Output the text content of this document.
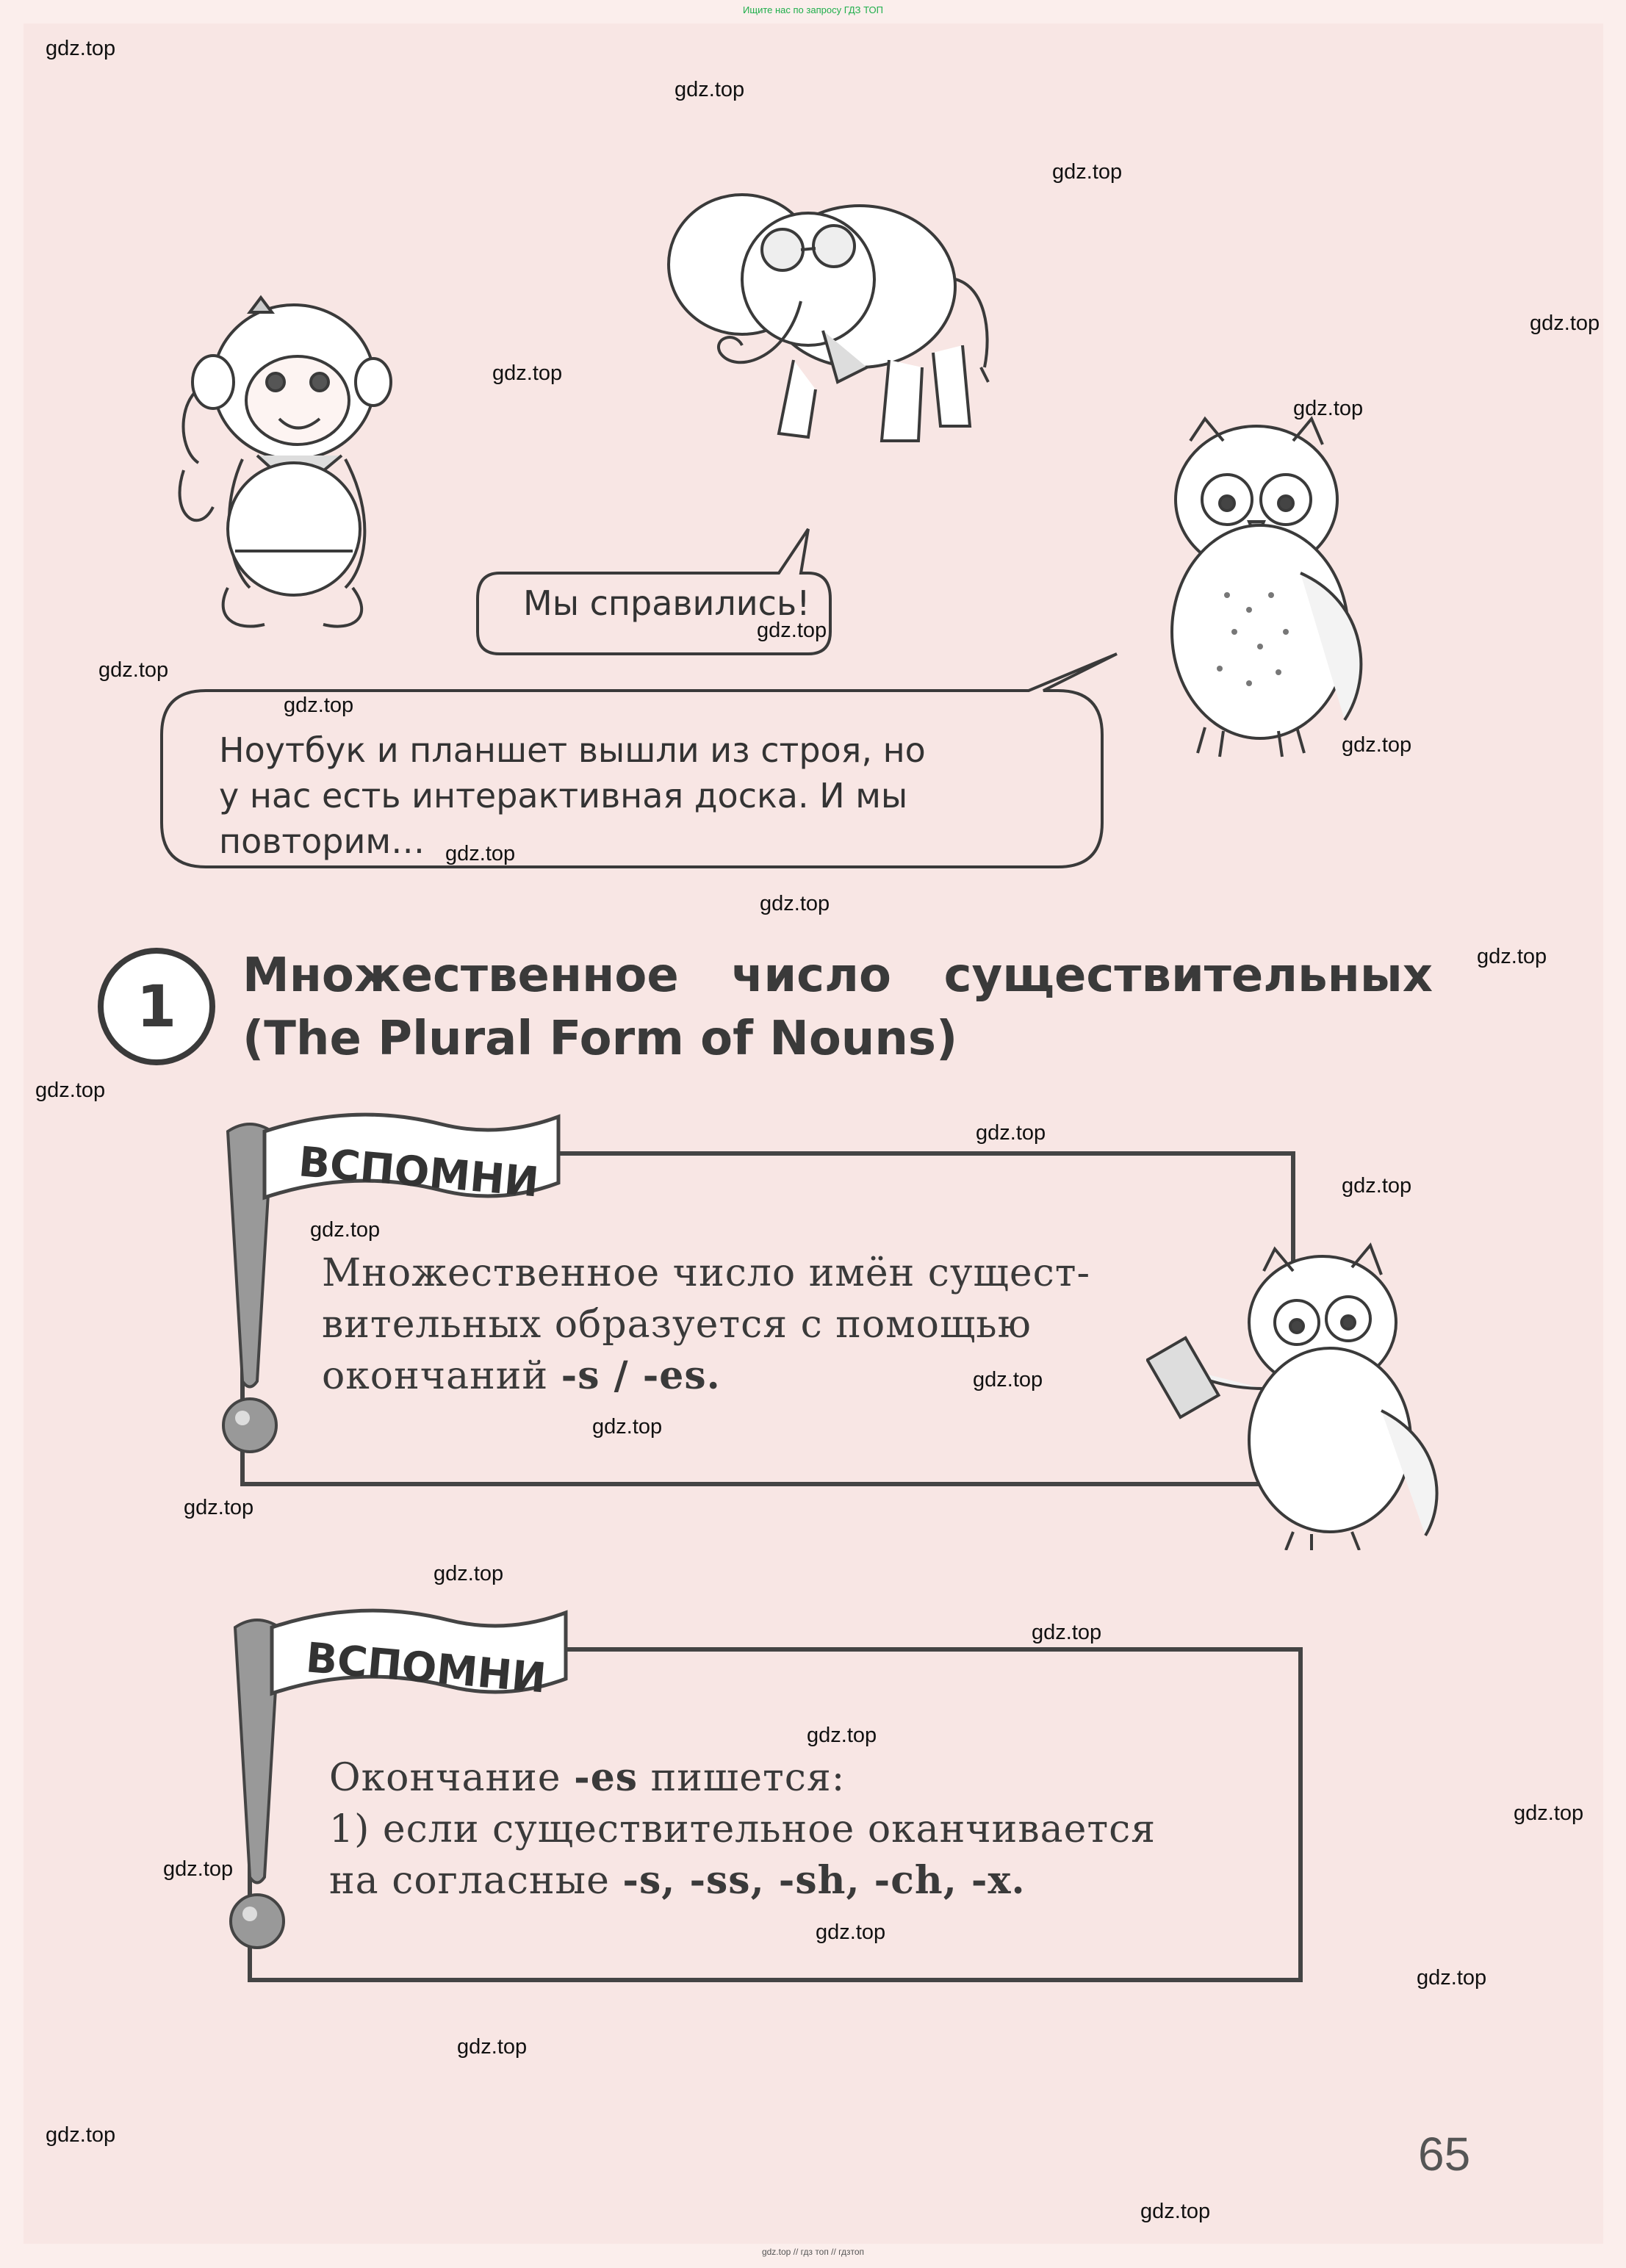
Ищите нас по запросу ГДЗ ТОП
Мы справились!
Ноутбук и планшет вышли из строя, но
у нас есть интерактивная доска. И мы
повторим…
1 Множественное число существительных
(The Plural Form of Nouns)
ВСПОМНИ
Множественное число имён сущест-
вительных образуется с помощью
окончаний -s / -es.
ВСПОМНИ
Окончание -es пишется:
1) если существительное оканчивается
на согласные -s, -ss, -sh, -ch, -x.
65
gdz.top
gdz.top
gdz.top
gdz.top
gdz.top
gdz.top
gdz.top
gdz.top
gdz.top
gdz.top
gdz.top
gdz.top
gdz.top
gdz.top
gdz.top
gdz.top
gdz.top
gdz.top
gdz.top
gdz.top
gdz.top
gdz.top
gdz.top
gdz.top
gdz.top
gdz.top
gdz.top
gdz.top
gdz.top
gdz.top
gdz.top // гдз топ // гдзтоп
